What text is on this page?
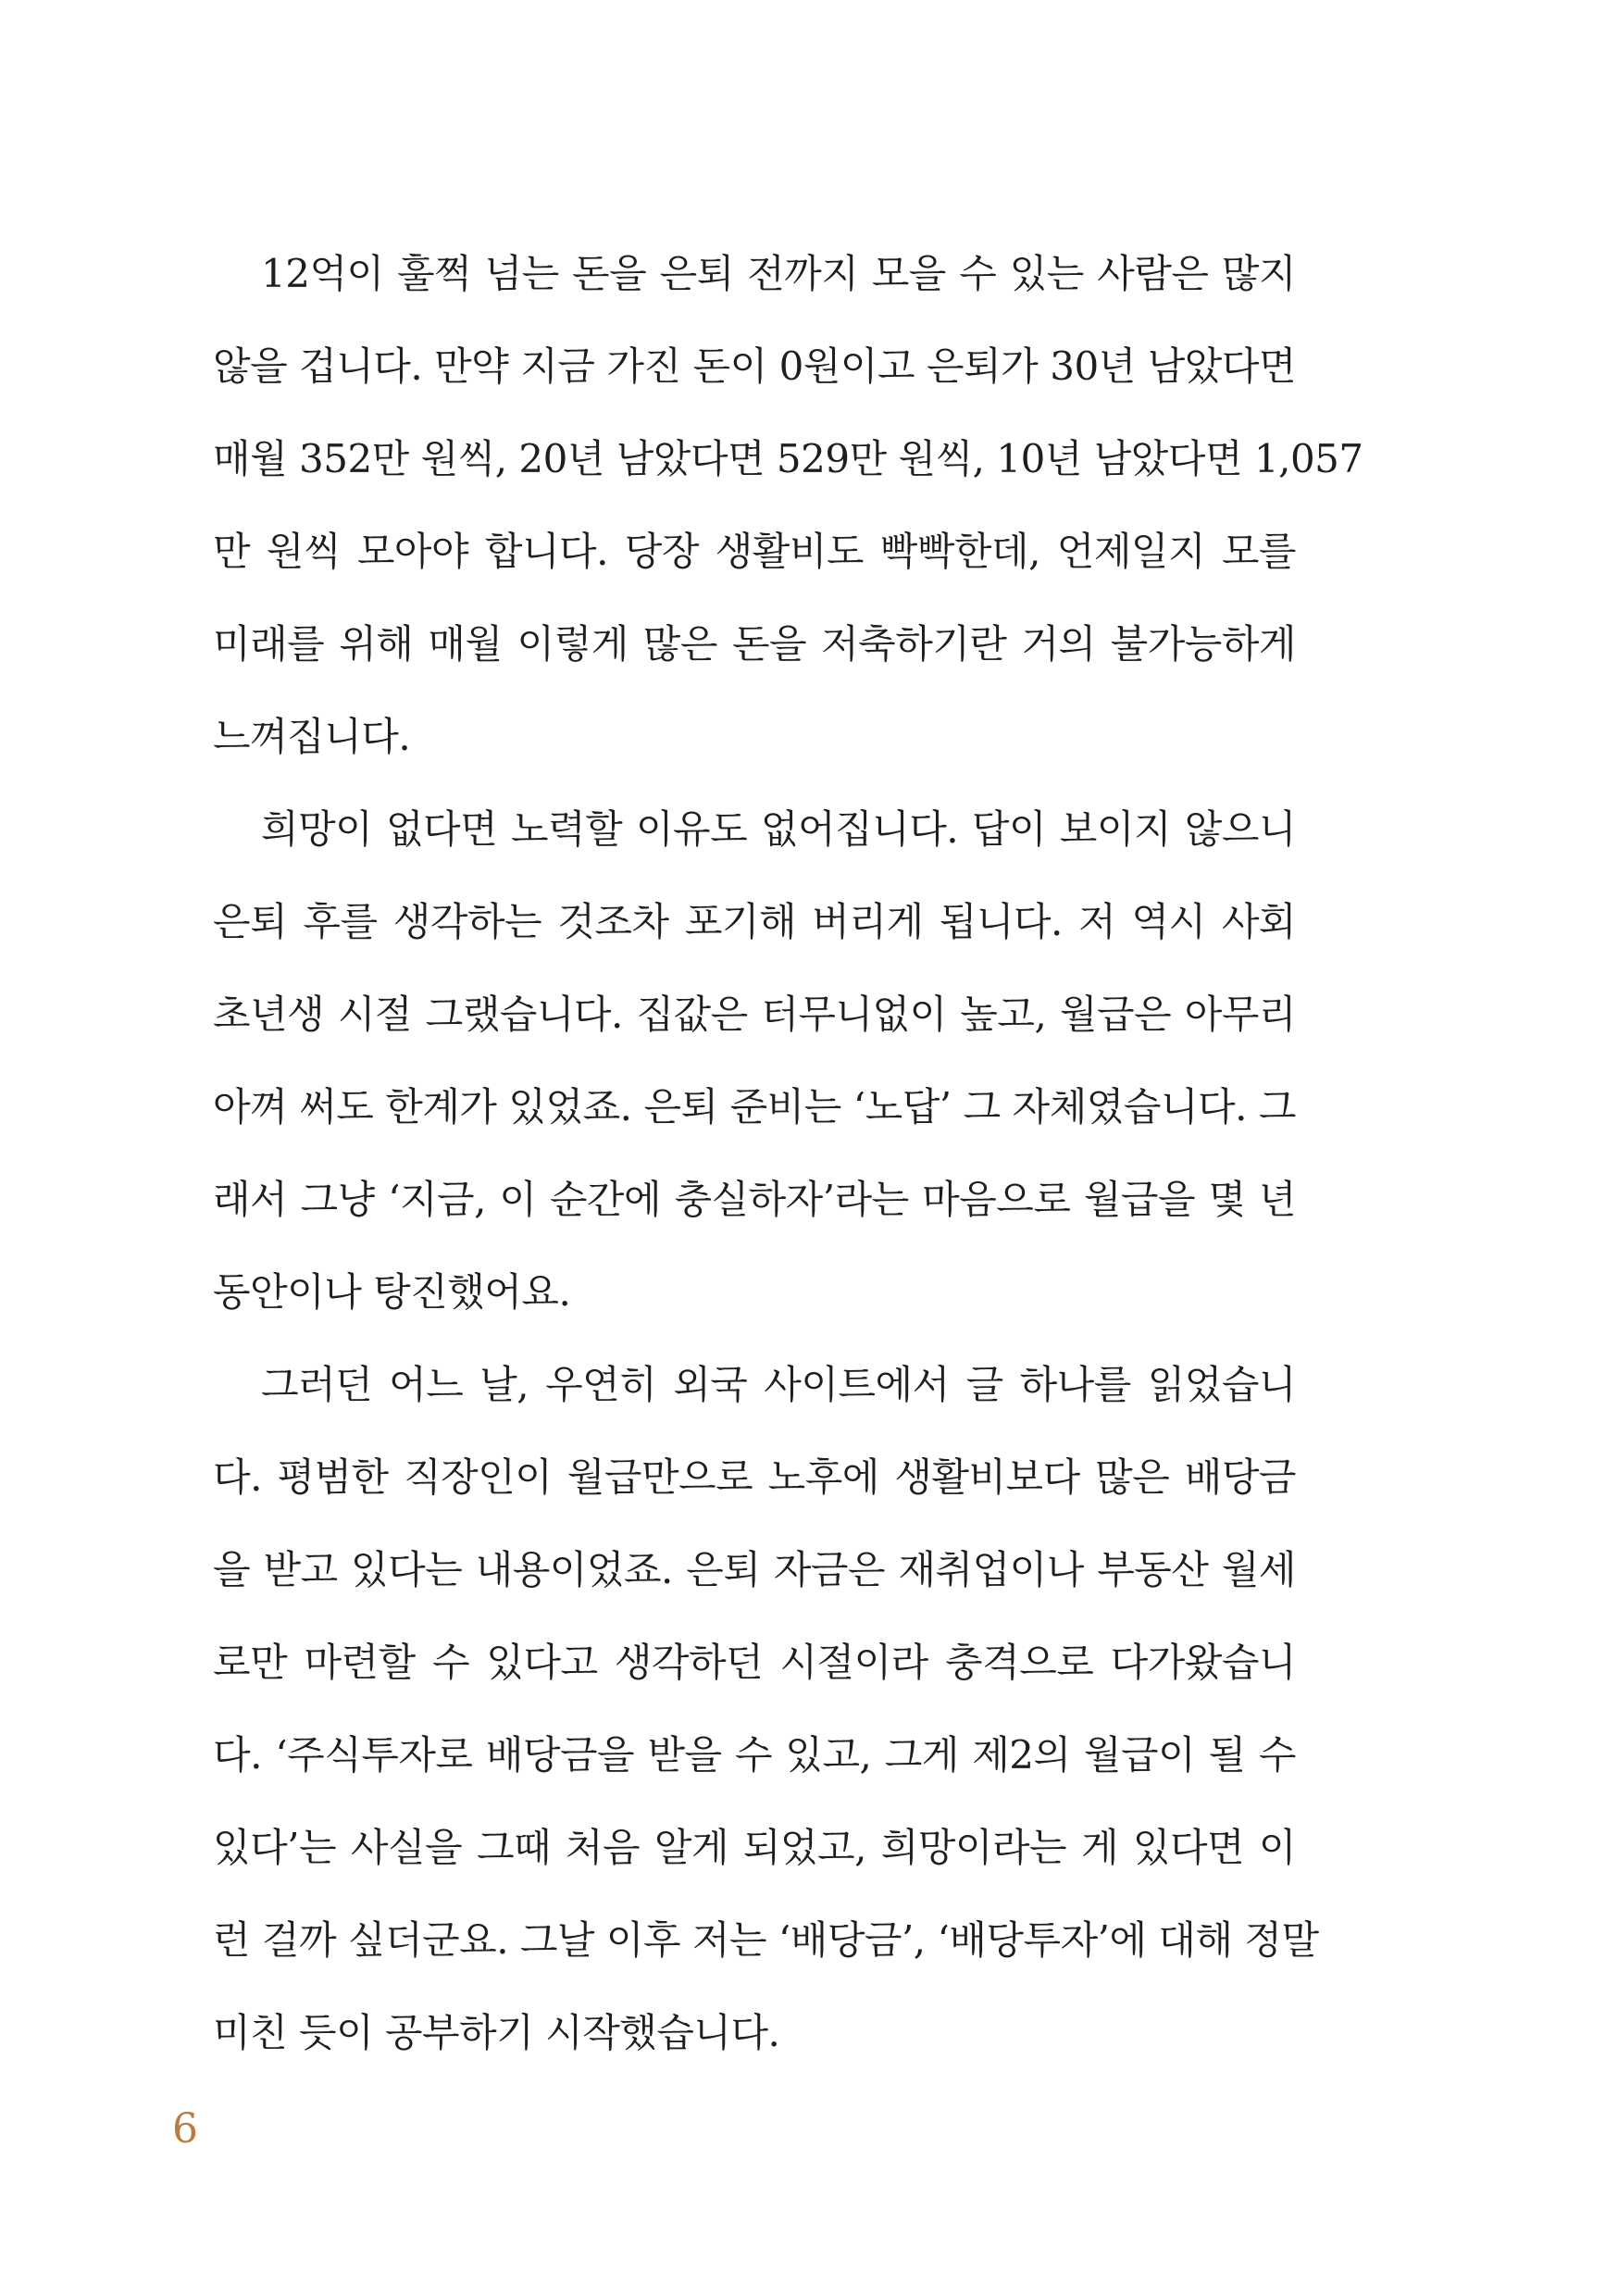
12억이 훌쩍 넘는 돈을 은퇴 전까지 모을 수 있는 사람은 많지
않을 겁니다. 만약 지금 가진 돈이 0원이고 은퇴가 30년 남았다면
매월 352만 원씩, 20년 남았다면 529만 원씩, 10년 남았다면 1,057
만 원씩 모아야 합니다. 당장 생활비도 빡빡한데, 언제일지 모를
미래를 위해 매월 이렇게 많은 돈을 저축하기란 거의 불가능하게
느껴집니다.

희망이 없다면 노력할 이유도 없어집니다. 답이 보이지 않으니
은퇴 후를 생각하는 것조차 포기해 버리게 됩니다. 저 역시 사회
초년생 시절 그랬습니다. 집값은 터무니없이 높고, 월급은 아무리
아껴 써도 한계가 있었죠. 은퇴 준비는 ‘노답’ 그 자체였습니다. 그
래서 그냥 ‘지금, 이 순간에 충실하자’라는 마음으로 월급을 몇 년
동안이나 탕진했어요.

그러던 어느 날, 우연히 외국 사이트에서 글 하나를 읽었습니
다. 평범한 직장인이 월급만으로 노후에 생활비보다 많은 배당금
을 받고 있다는 내용이었죠. 은퇴 자금은 재취업이나 부동산 월세
로만 마련할 수 있다고 생각하던 시절이라 충격으로 다가왔습니
다. ‘주식투자로 배당금을 받을 수 있고, 그게 제2의 월급이 될 수
있다’는 사실을 그때 처음 알게 되었고, 희망이라는 게 있다면 이
런 걸까 싶더군요. 그날 이후 저는 ‘배당금’, ‘배당투자’에 대해 정말
미친 듯이 공부하기 시작했습니다.

6
